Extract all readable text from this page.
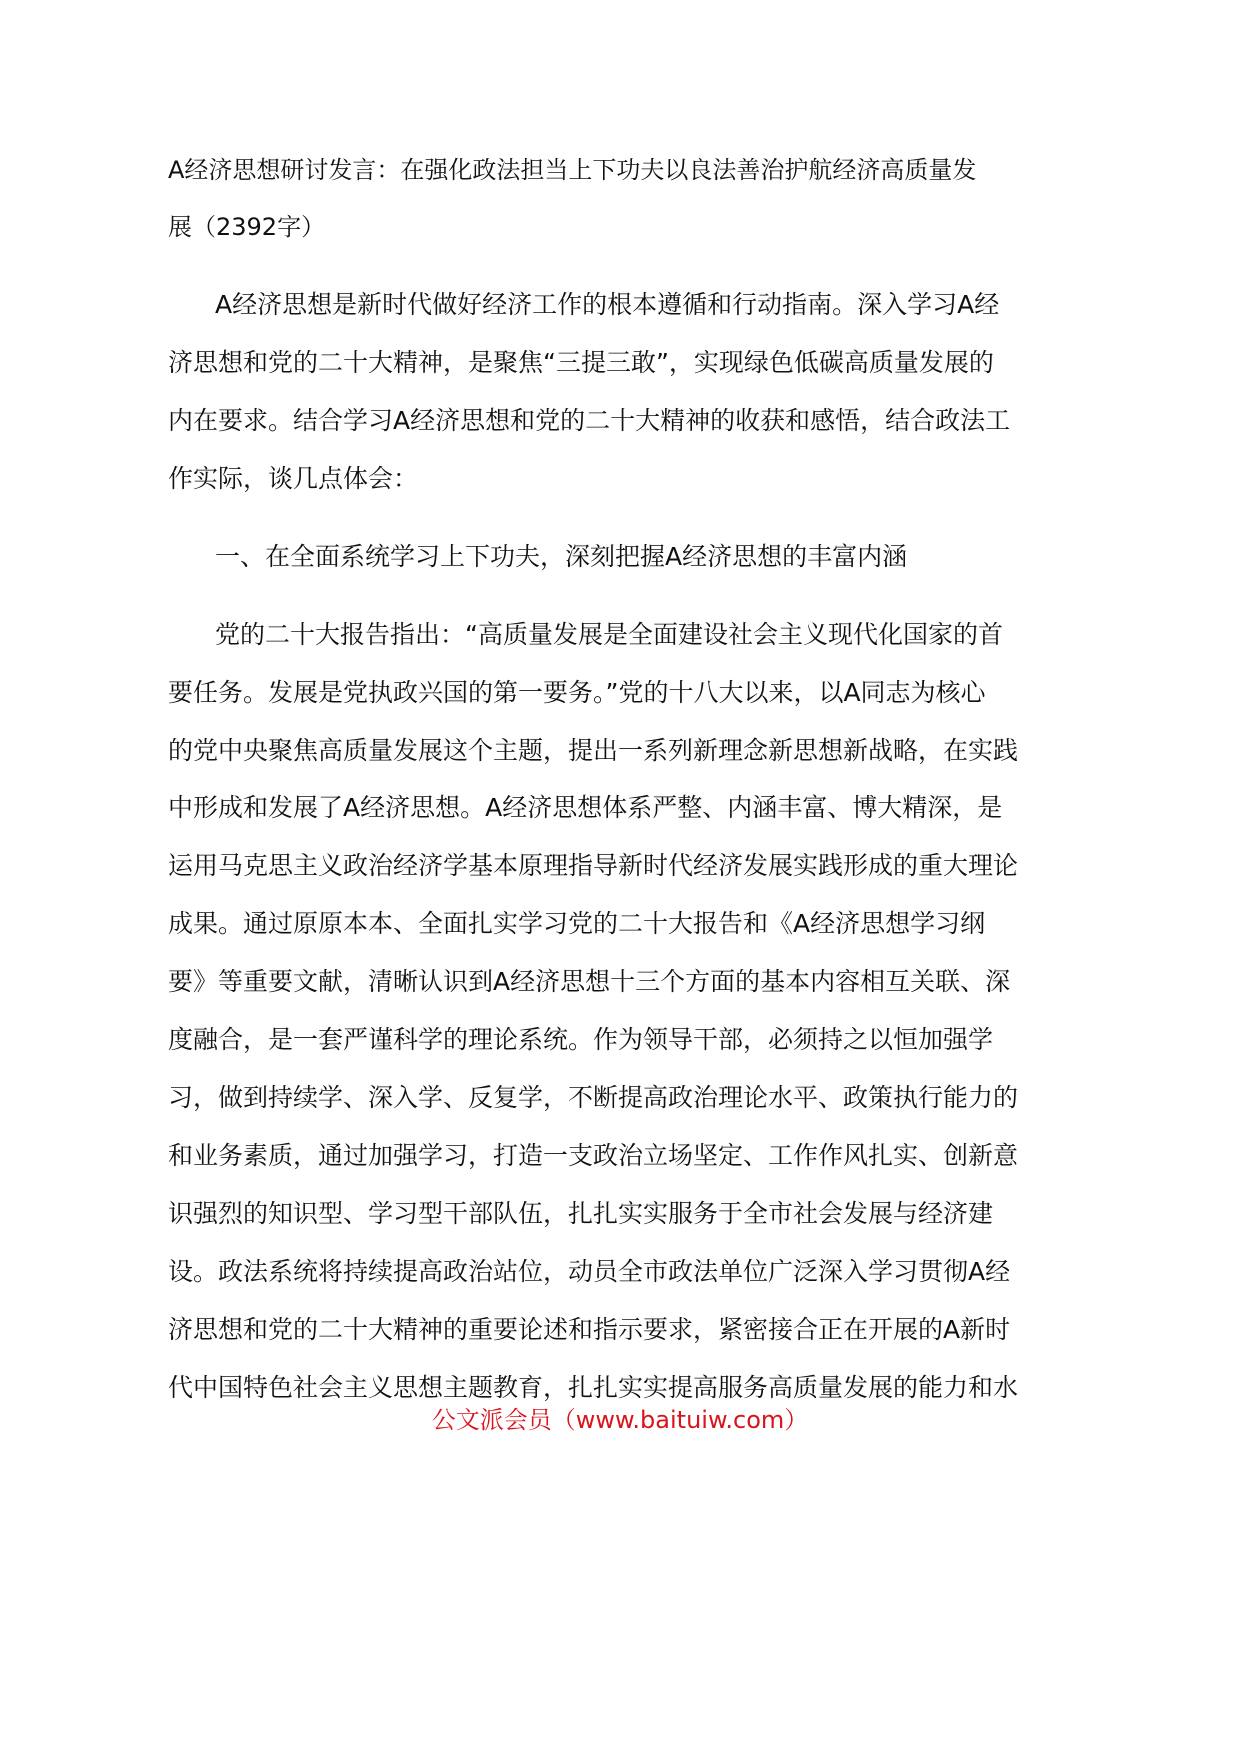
A经济思想研讨发言：在强化政法担当上下功夫以良法善治护航经济高质量发
展（2392字）
A经济思想是新时代做好经济工作的根本遵循和行动指南。深入学习A经
济思想和党的二十大精神，是聚焦“三提三敢”，实现绿色低碳高质量发展的
内在要求。结合学习A经济思想和党的二十大精神的收获和感悟，结合政法工
作实际，谈几点体会：
一、在全面系统学习上下功夫，深刻把握A经济思想的丰富内涵
党的二十大报告指出：“高质量发展是全面建设社会主义现代化国家的首
要任务。发展是党执政兴国的第一要务。”党的十八大以来，以A同志为核心
的党中央聚焦高质量发展这个主题，提出一系列新理念新思想新战略，在实践
中形成和发展了A经济思想。A经济思想体系严整、内涵丰富、博大精深，是
运用马克思主义政治经济学基本原理指导新时代经济发展实践形成的重大理论
成果。通过原原本本、全面扎实学习党的二十大报告和《A经济思想学习纲
要》等重要文献，清晰认识到A经济思想十三个方面的基本内容相互关联、深
度融合，是一套严谨科学的理论系统。作为领导干部，必须持之以恒加强学
习，做到持续学、深入学、反复学，不断提高政治理论水平、政策执行能力的
和业务素质，通过加强学习，打造一支政治立场坚定、工作作风扎实、创新意
识强烈的知识型、学习型干部队伍，扎扎实实服务于全市社会发展与经济建
设。政法系统将持续提高政治站位，动员全市政法单位广泛深入学习贯彻A经
济思想和党的二十大精神的重要论述和指示要求，紧密接合正在开展的A新时
代中国特色社会主义思想主题教育，扎扎实实提高服务高质量发展的能力和水
公文派会员（www.baituiw.com）
